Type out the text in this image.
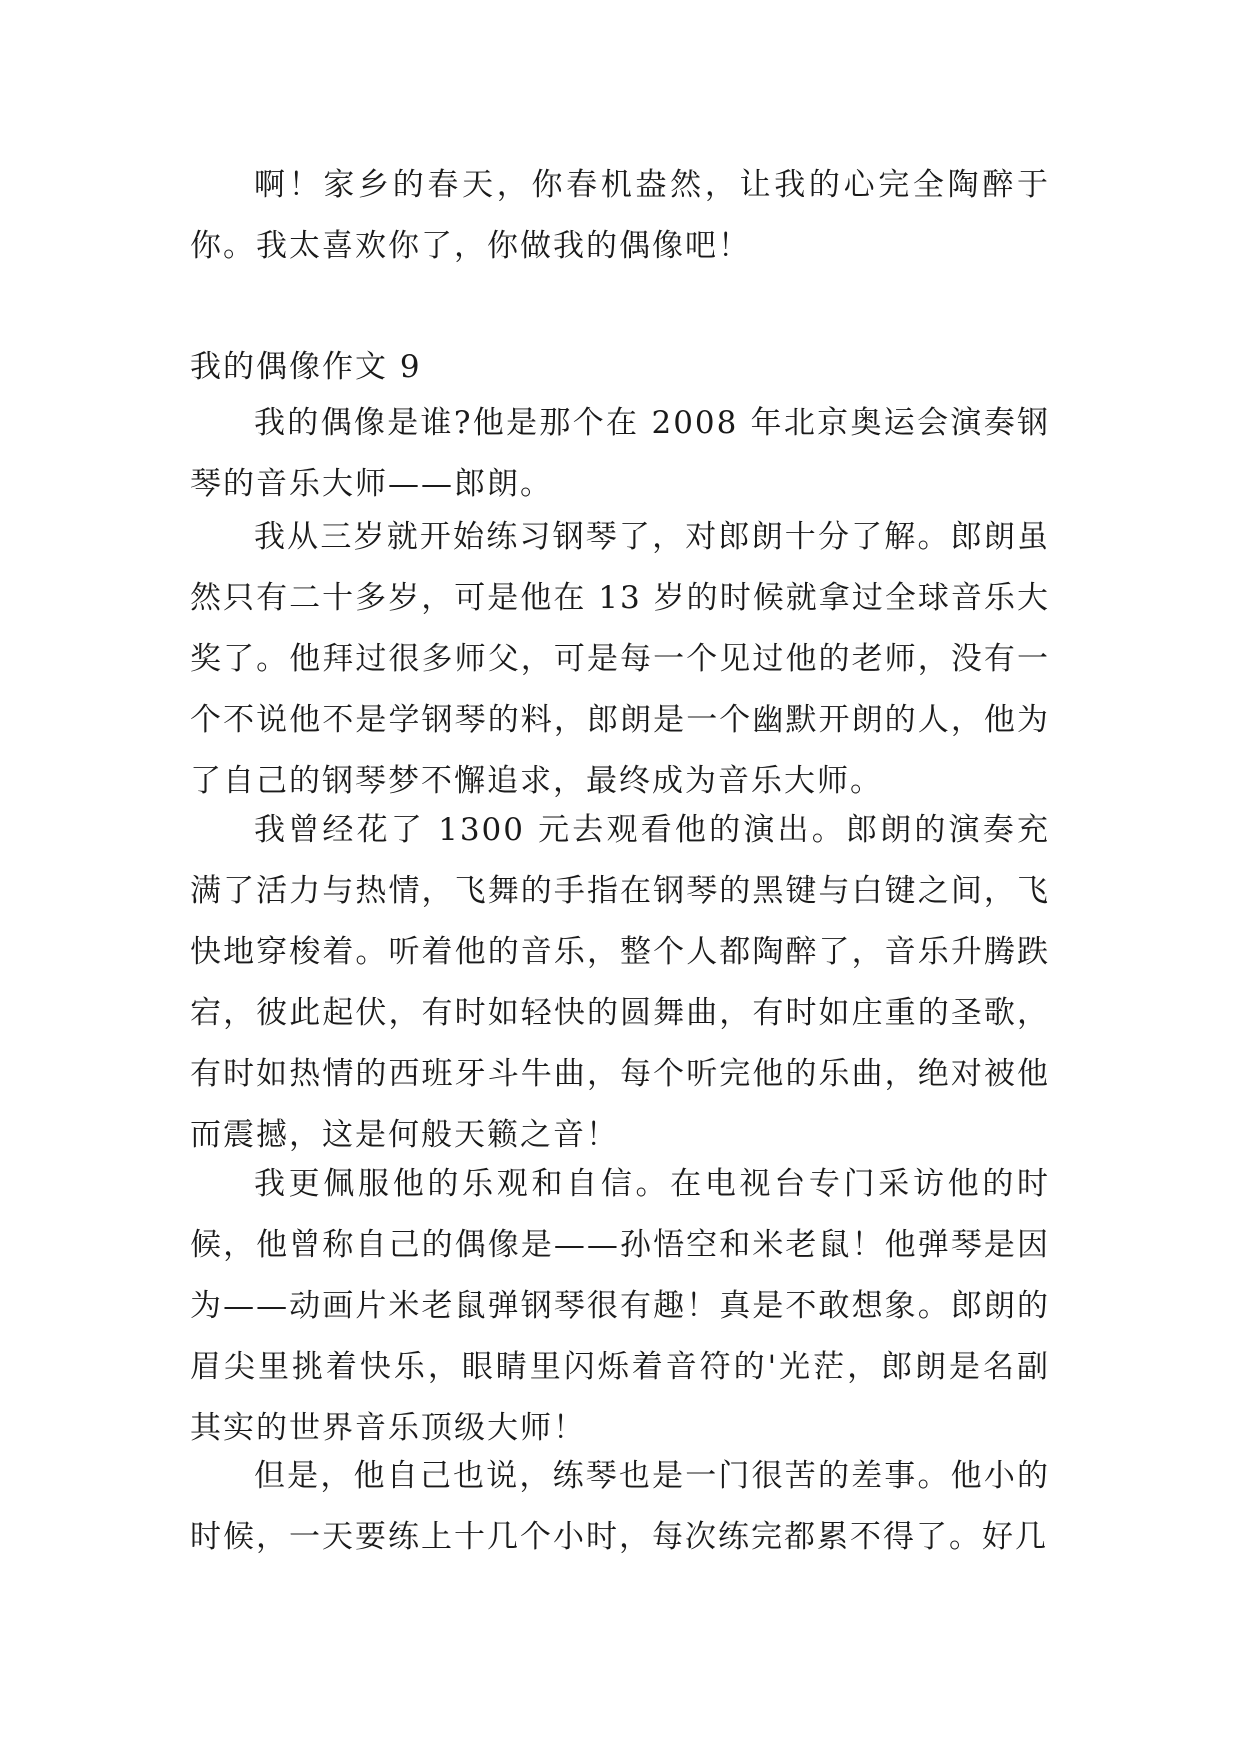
啊！家乡的春天，你春机盎然，让我的心完全陶醉于你。我太喜欢你了，你做我的偶像吧！

我的偶像作文 9

我的偶像是谁?他是那个在 2008 年北京奥运会演奏钢琴的音乐大师——郎朗。

我从三岁就开始练习钢琴了，对郎朗十分了解。郎朗虽然只有二十多岁，可是他在 13 岁的时候就拿过全球音乐大奖了。他拜过很多师父，可是每一个见过他的老师，没有一个不说他不是学钢琴的料，郎朗是一个幽默开朗的人，他为了自己的钢琴梦不懈追求，最终成为音乐大师。

我曾经花了 1300 元去观看他的演出。郎朗的演奏充满了活力与热情，飞舞的手指在钢琴的黑键与白键之间，飞快地穿梭着。听着他的音乐，整个人都陶醉了，音乐升腾跌宕，彼此起伏，有时如轻快的圆舞曲，有时如庄重的圣歌，有时如热情的西班牙斗牛曲，每个听完他的乐曲，绝对被他而震撼，这是何般天籁之音！

我更佩服他的乐观和自信。在电视台专门采访他的时候，他曾称自己的偶像是——孙悟空和米老鼠！他弹琴是因为——动画片米老鼠弹钢琴很有趣！真是不敢想象。郎朗的眉尖里挑着快乐，眼睛里闪烁着音符的'光茫，郎朗是名副其实的世界音乐顶级大师！

但是，他自己也说，练琴也是一门很苦的差事。他小的时候，一天要练上十几个小时，每次练完都累不得了。好几
